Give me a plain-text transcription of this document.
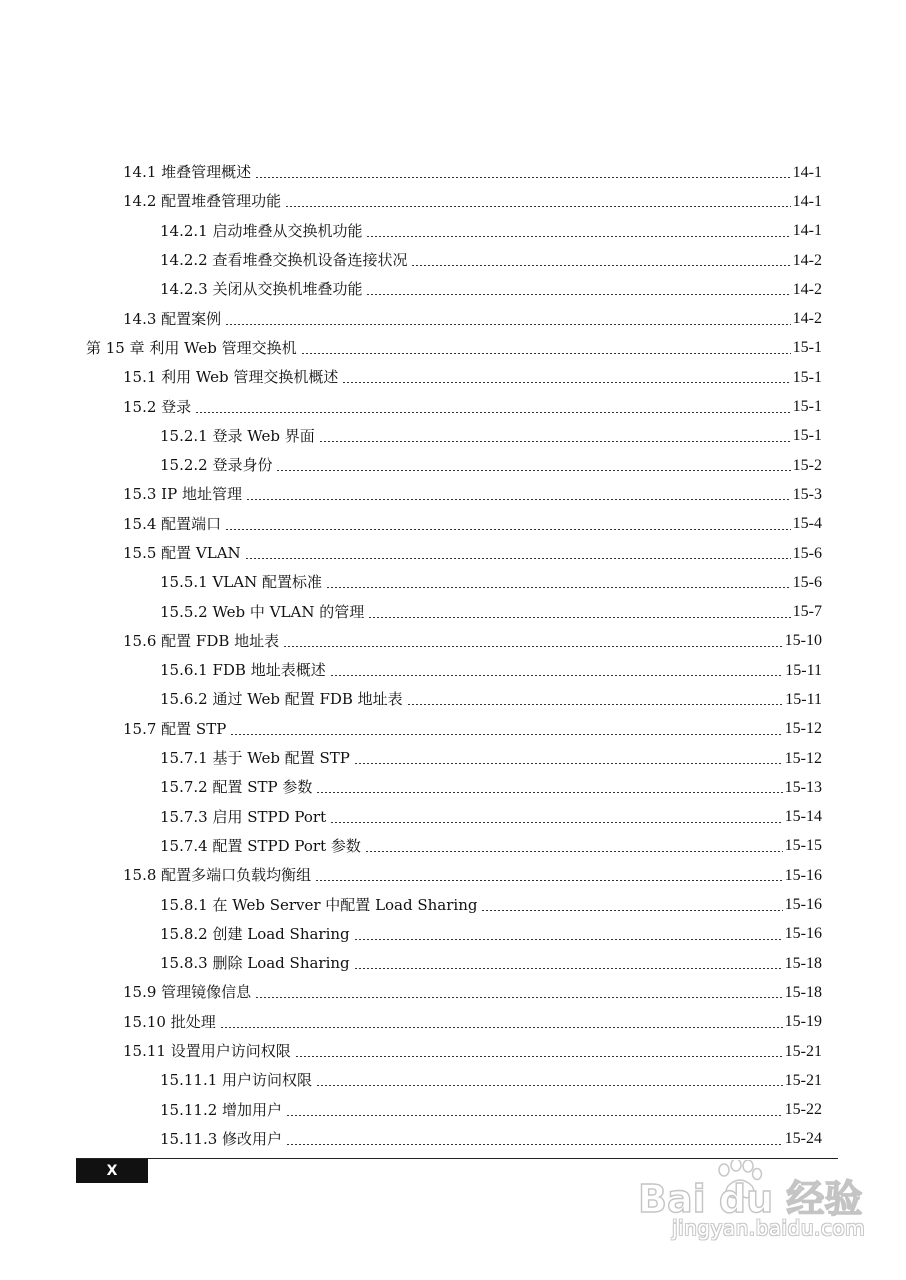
14.1 堆叠管理概述	14-1
14.2 配置堆叠管理功能	14-1
14.2.1 启动堆叠从交换机功能	14-1
14.2.2 查看堆叠交换机设备连接状况	14-2
14.2.3 关闭从交换机堆叠功能	14-2
14.3 配置案例	14-2
第 15 章 利用 Web 管理交换机	15-1
15.1 利用 Web 管理交换机概述	15-1
15.2 登录	15-1
15.2.1 登录 Web 界面	15-1
15.2.2 登录身份	15-2
15.3 IP 地址管理	15-3
15.4 配置端口	15-4
15.5 配置 VLAN	15-6
15.5.1 VLAN 配置标准	15-6
15.5.2 Web 中 VLAN 的管理	15-7
15.6 配置 FDB 地址表	15-10
15.6.1 FDB 地址表概述	15-11
15.6.2 通过 Web 配置 FDB 地址表	15-11
15.7 配置 STP	15-12
15.7.1 基于 Web 配置 STP	15-12
15.7.2 配置 STP 参数	15-13
15.7.3 启用 STPD Port	15-14
15.7.4 配置 STPD Port 参数	15-15
15.8 配置多端口负载均衡组	15-16
15.8.1 在 Web Server 中配置 Load Sharing	15-16
15.8.2 创建 Load Sharing	15-16
15.8.3 删除 Load Sharing	15-18
15.9 管理镜像信息	15-18
15.10 批处理	15-19
15.11 设置用户访问权限	15-21
15.11.1 用户访问权限	15-21
15.11.2 增加用户	15-22
15.11.3 修改用户	15-24
X
Bai du 经验
jingyan.baidu.com
